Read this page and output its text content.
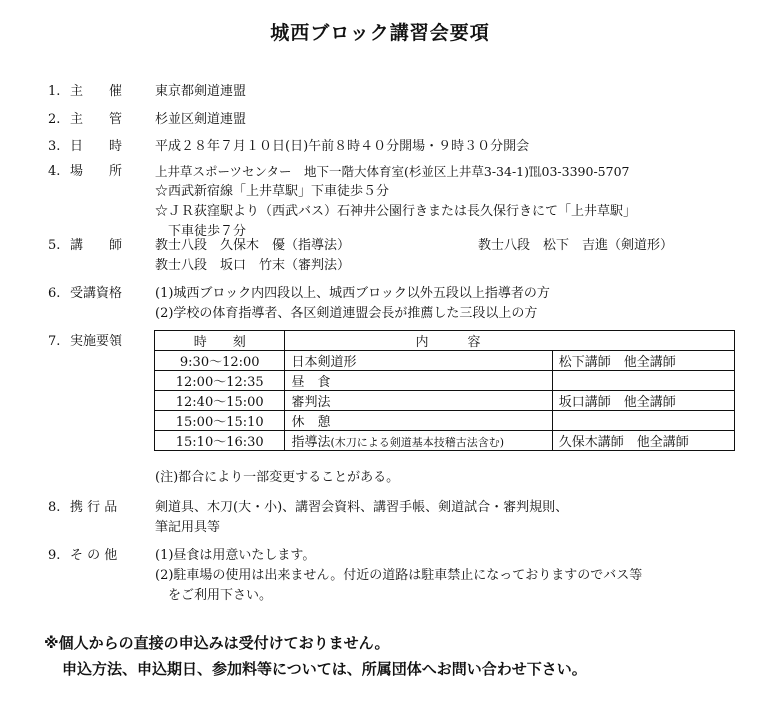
城西ブロック講習会要項
1. 主　　催	東京都剣道連盟
2. 主　　管	杉並区剣道連盟
3. 日　　時	平成２８年７月１０日(日)午前８時４０分開場・９時３０分開会
4. 場　　所	上井草スポーツセンター　地下一階大体育室(杉並区上井草3-34-1)℡03-3390-5707
☆西武新宿線「上井草駅」下車徒歩５分
☆ＪＲ荻窪駅より（西武バス）石神井公園行きまたは長久保行きにて「上井草駅」
　下車徒歩７分
5. 講　　師	教士八段　久保木　優（指導法）
教士八段　坂口　竹末（審判法）
教士八段　松下　吉進（剣道形）
6. 受講資格	(1)城西ブロック内四段以上、城西ブロック以外五段以上指導者の方
(2)学校の体育指導者、各区剣道連盟会長が推薦した三段以上の方
7. 実施要領	時　　刻	内　　　容	
9:30～12:00	日本剣道形	松下講師　他全講師
12:00～12:35	昼　食	
12:40～15:00	審判法	坂口講師　他全講師
15:00～15:10	休　憩	
15:10～16:30	指導法(木刀による剣道基本技稽古法含む)	久保木講師　他全講師
(注)都合により一部変更することがある。
8. 携 行 品	剣道具、木刀(大・小)、講習会資料、講習手帳、剣道試合・審判規則、
筆記用具等
9. そ の 他	(1)昼食は用意いたします。
(2)駐車場の使用は出来ません。付近の道路は駐車禁止になっておりますのでバス等
　をご利用下さい。
※個人からの直接の申込みは受付けておりません。
申込方法、申込期日、参加料等については、所属団体へお問い合わせ下さい。
